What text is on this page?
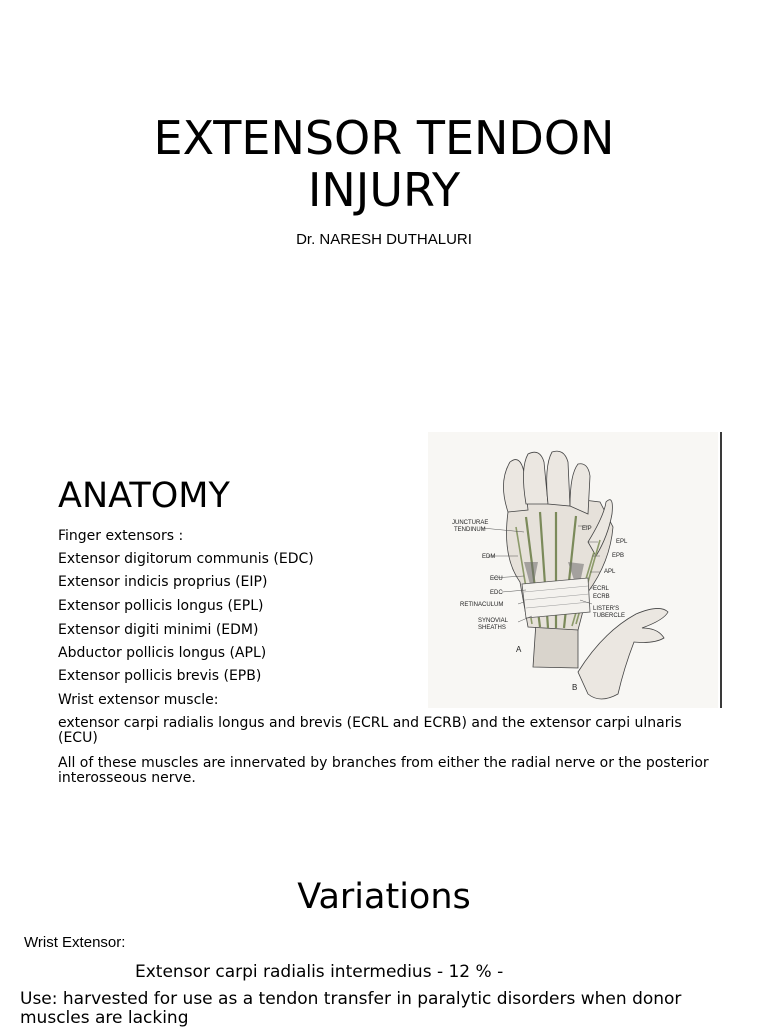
EXTENSOR TENDON INJURY
Dr. NARESH DUTHALURI
ANATOMY
Finger extensors :
Extensor digitorum communis (EDC)
Extensor indicis proprius (EIP)
Extensor pollicis longus (EPL)
Extensor digiti minimi (EDM)
Abductor pollicis longus (APL)
Extensor pollicis brevis (EPB)
Wrist extensor muscle:
extensor carpi radialis longus and brevis (ECRL and ECRB) and the extensor carpi ulnaris (ECU)
All of these muscles are innervated by branches from either the radial nerve or the posterior interosseous nerve.
EIP
JUNCTURAE
TENDINUM
EDM
EPL
EPB
ECU
APL
EDC
ECRL
ECRB
RETINACULUM
LISTER'S
TUBERCLE
SYNOVIAL
SHEATHS
A
B
Variations
Wrist Extensor:
Extensor carpi radialis intermedius - 12 % -
Use: harvested for use as a tendon transfer in paralytic disorders when donor muscles are lacking
